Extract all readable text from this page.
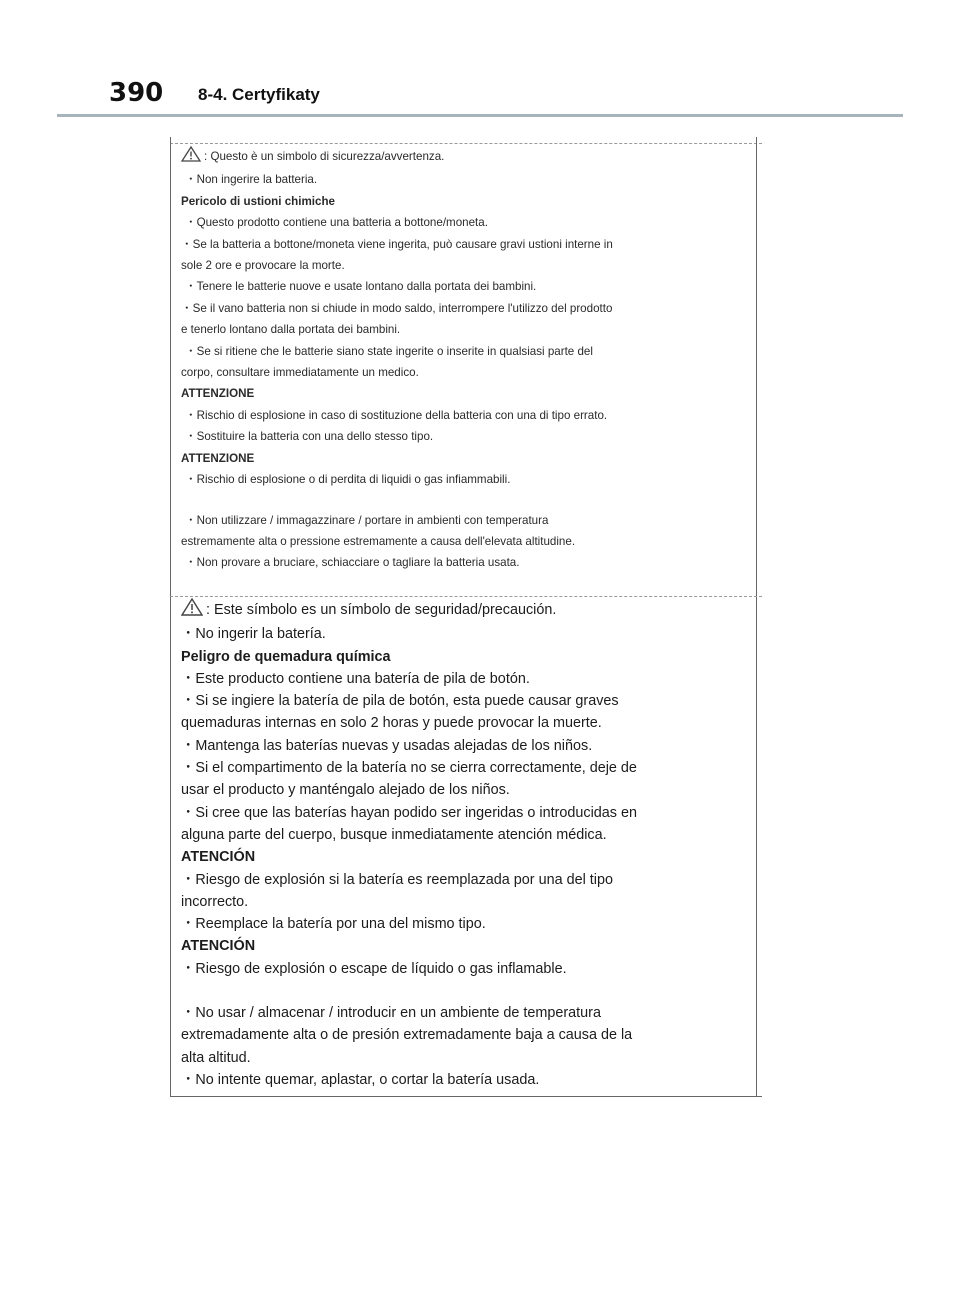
390 8-4. Certyfikaty
: Questo è un simbolo di sicurezza/avvertenza.
・Non ingerire la batteria.
Pericolo di ustioni chimiche
・Questo prodotto contiene una batteria a bottone/moneta.
・Se la batteria a bottone/moneta viene ingerita, può causare gravi ustioni interne in
sole 2 ore e provocare la morte.
・Tenere le batterie nuove e usate lontano dalla portata dei bambini.
・Se il vano batteria non si chiude in modo saldo, interrompere l'utilizzo del prodotto
e tenerlo lontano dalla portata dei bambini.
・Se si ritiene che le batterie siano state ingerite o inserite in qualsiasi parte del
corpo, consultare immediatamente un medico.
ATTENZIONE
・Rischio di esplosione in caso di sostituzione della batteria con una di tipo errato.
・Sostituire la batteria con una dello stesso tipo.
ATTENZIONE
・Rischio di esplosione o di perdita di liquidi o gas infiammabili.
・Non utilizzare / immagazzinare / portare in ambienti con temperatura
estremamente alta o pressione estremamente a causa dell'elevata altitudine.
・Non provare a bruciare, schiacciare o tagliare la batteria usata.
: Este símbolo es un símbolo de seguridad/precaución.
・No ingerir la batería.
Peligro de quemadura química
・Este producto contiene una batería de pila de botón.
・Si se ingiere la batería de pila de botón, esta puede causar graves
quemaduras internas en solo 2 horas y puede provocar la muerte.
・Mantenga las baterías nuevas y usadas alejadas de los niños.
・Si el compartimento de la batería no se cierra correctamente, deje de
usar el producto y manténgalo alejado de los niños.
・Si cree que las baterías hayan podido ser ingeridas o introducidas en
alguna parte del cuerpo, busque inmediatamente atención médica.
ATENCIÓN
・Riesgo de explosión si la batería es reemplazada por una del tipo
incorrecto.
・Reemplace la batería por una del mismo tipo.
ATENCIÓN
・Riesgo de explosión o escape de líquido o gas inflamable.
・No usar / almacenar / introducir en un ambiente de temperatura
extremadamente alta o de presión extremadamente baja a causa de la
alta altitud.
・No intente quemar, aplastar, o cortar la batería usada.
